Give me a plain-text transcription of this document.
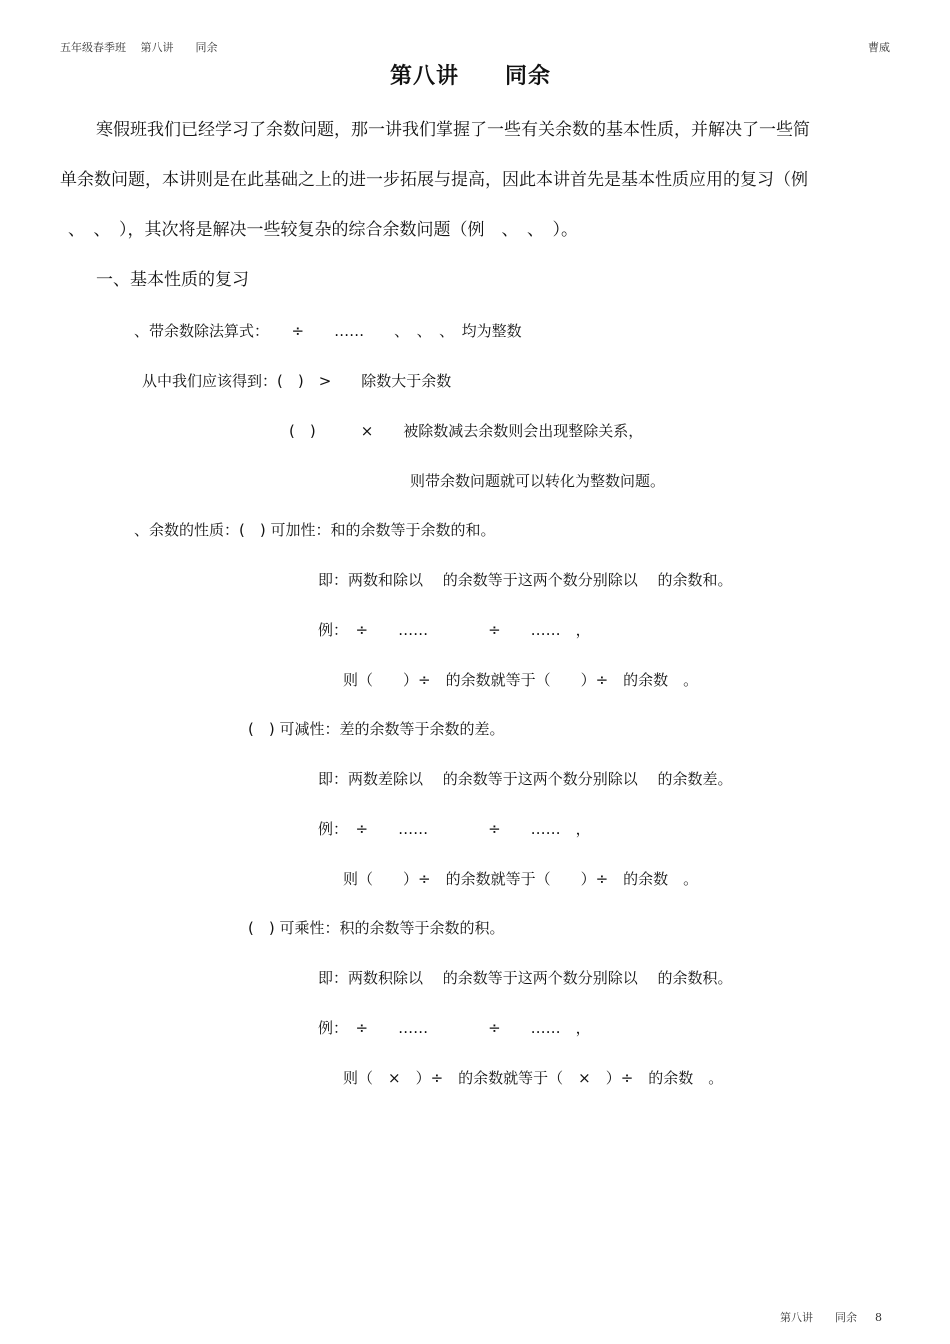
五年级春季班　 第八讲　　同余	曹威
第八讲　　同余
寒假班我们已经学习了余数问题，那一讲我们掌握了一些有关余数的基本性质，并解决了一些简
单余数问题，本讲则是在此基础之上的进一步拓展与提高，因此本讲首先是基本性质应用的复习（例
、　、　），其次将是解决一些较复杂的综合余数问题（例　、　、　）。
一、基本性质的复习
、带余数除法算式：　　÷　　……　　、　、　、　均为整数
从中我们应该得到：(　)　>　　除数大于余数
(　)　　　×　　被除数减去余数则会出现整除关系，
则带余数问题就可以转化为整数问题。
、余数的性质：(　) 可加性：和的余数等于余数的和。
即：两数和除以　 的余数等于这两个数分别除以　 的余数和。
例：　÷　　……　　　　÷　　……　，
则（　　）÷　的余数就等于（　　）÷　的余数　。
(　) 可减性：差的余数等于余数的差。
即：两数差除以　 的余数等于这两个数分别除以　 的余数差。
例：　÷　　……　　　　÷　　……　，
则（　　）÷　的余数就等于（　　）÷　的余数　。
(　) 可乘性：积的余数等于余数的积。
即：两数积除以　 的余数等于这两个数分别除以　 的余数积。
例：　÷　　……　　　　÷　　……　，
则（　×　）÷　的余数就等于（　×　）÷　的余数　。
第八讲　　同余 8
